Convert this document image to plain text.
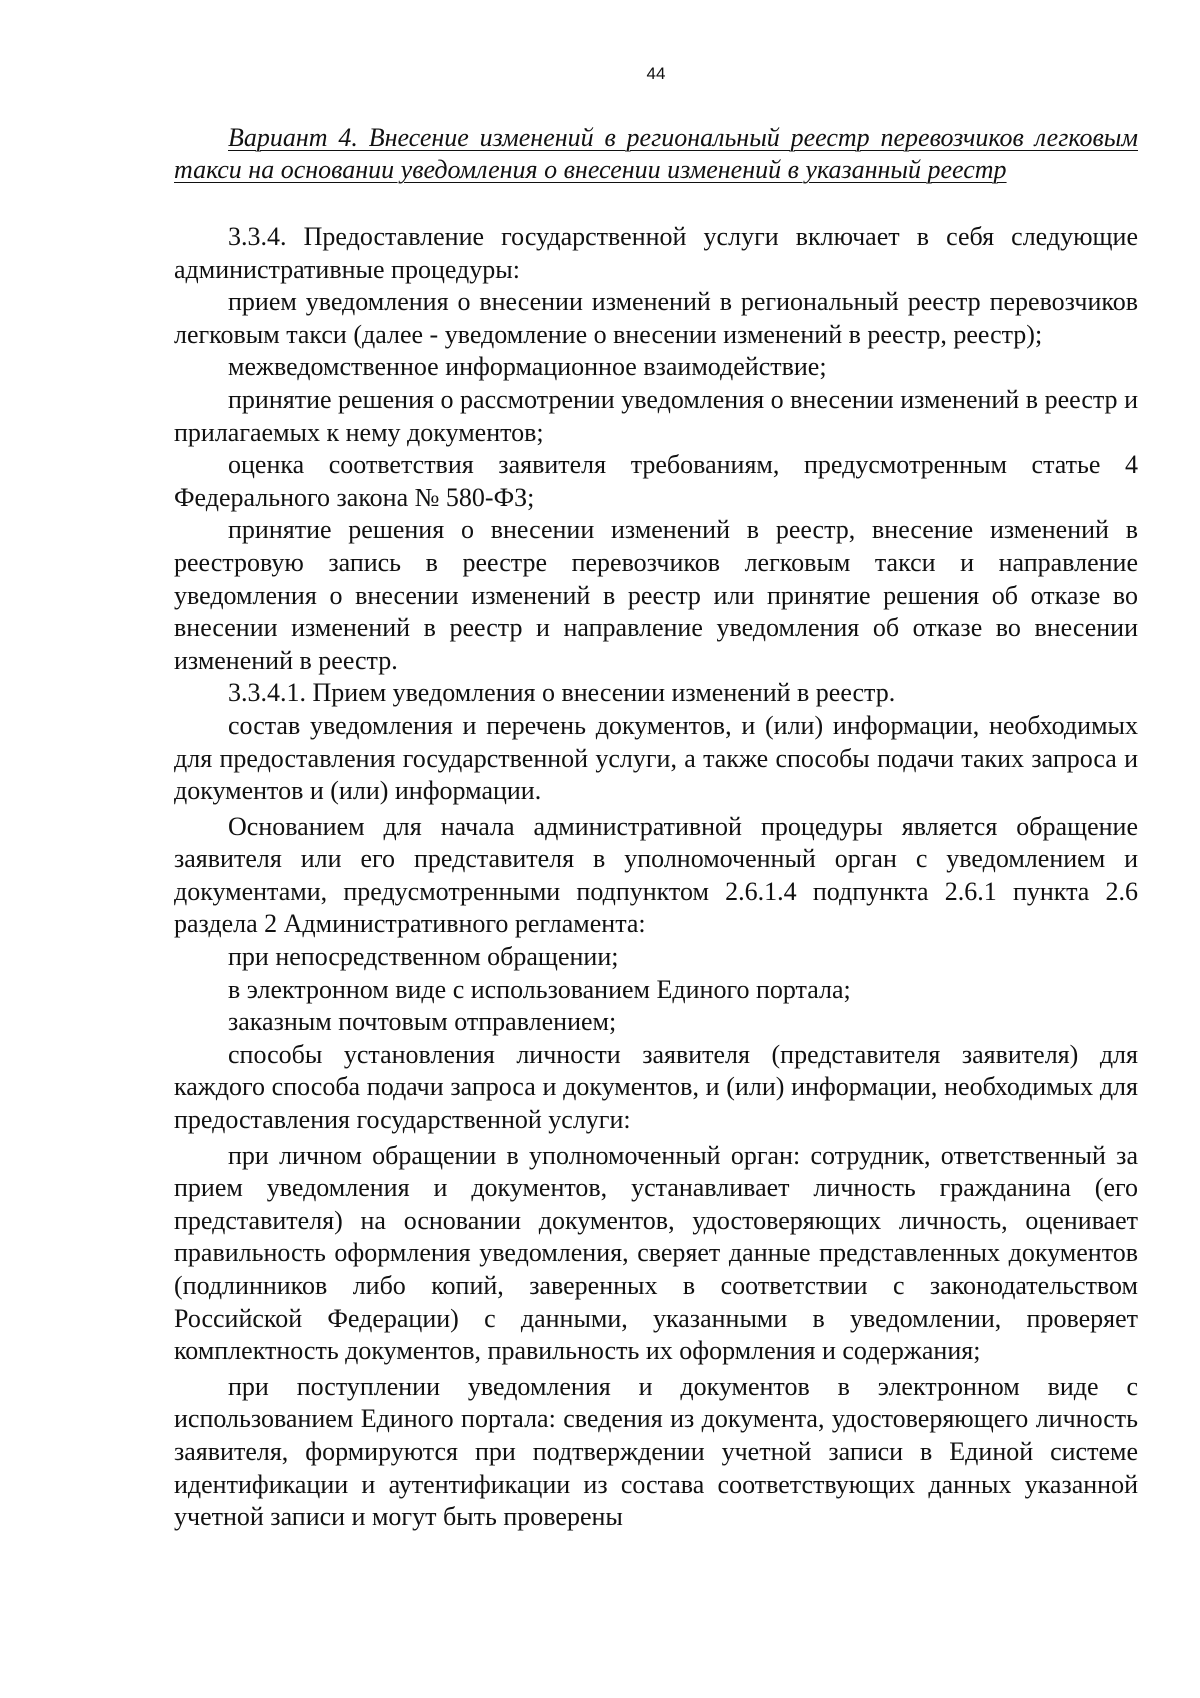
44
Вариант 4. Внесение изменений в региональный реестр перевозчиков легковым такси на основании уведомления о внесении изменений в указанный реестр

3.3.4. Предоставление государственной услуги включает в себя следующие административные процедуры:

прием уведомления о внесении изменений в региональный реестр перевозчиков легковым такси (далее - уведомление о внесении изменений в реестр, реестр);

межведомственное информационное взаимодействие;

принятие решения о рассмотрении уведомления о внесении изменений в реестр и прилагаемых к нему документов;

оценка соответствия заявителя требованиям, предусмотренным статье 4 Федерального закона № 580-ФЗ;

принятие решения о внесении изменений в реестр, внесение изменений в реестровую запись в реестре перевозчиков легковым такси и направление уведомления о внесении изменений в реестр или принятие решения об отказе во внесении изменений в реестр и направление уведомления об отказе во внесении изменений в реестр.

3.3.4.1. Прием уведомления о внесении изменений в реестр.

состав уведомления и перечень документов, и (или) информации, необходимых для предоставления государственной услуги, а также способы подачи таких запроса и документов и (или) информации.

Основанием для начала административной процедуры является обращение заявителя или его представителя в уполномоченный орган с уведомлением и документами, предусмотренными подпунктом 2.6.1.4 подпункта 2.6.1 пункта 2.6 раздела 2 Административного регламента:

при непосредственном обращении;

в электронном виде с использованием Единого портала;

заказным почтовым отправлением;

способы установления личности заявителя (представителя заявителя) для каждого способа подачи запроса и документов, и (или) информации, необходимых для предоставления государственной услуги:

при личном обращении в уполномоченный орган: сотрудник, ответственный за прием уведомления и документов, устанавливает личность гражданина (его представителя) на основании документов, удостоверяющих личность, оценивает правильность оформления уведомления, сверяет данные представленных документов (подлинников либо копий, заверенных в соответствии с законодательством Российской Федерации) с данными, указанными в уведомлении, проверяет комплектность документов, правильность их оформления и содержания;

при поступлении уведомления и документов в электронном виде с использованием Единого портала: сведения из документа, удостоверяющего личность заявителя, формируются при подтверждении учетной записи в Единой системе идентификации и аутентификации из состава соответствующих данных указанной учетной записи и могут быть проверены
